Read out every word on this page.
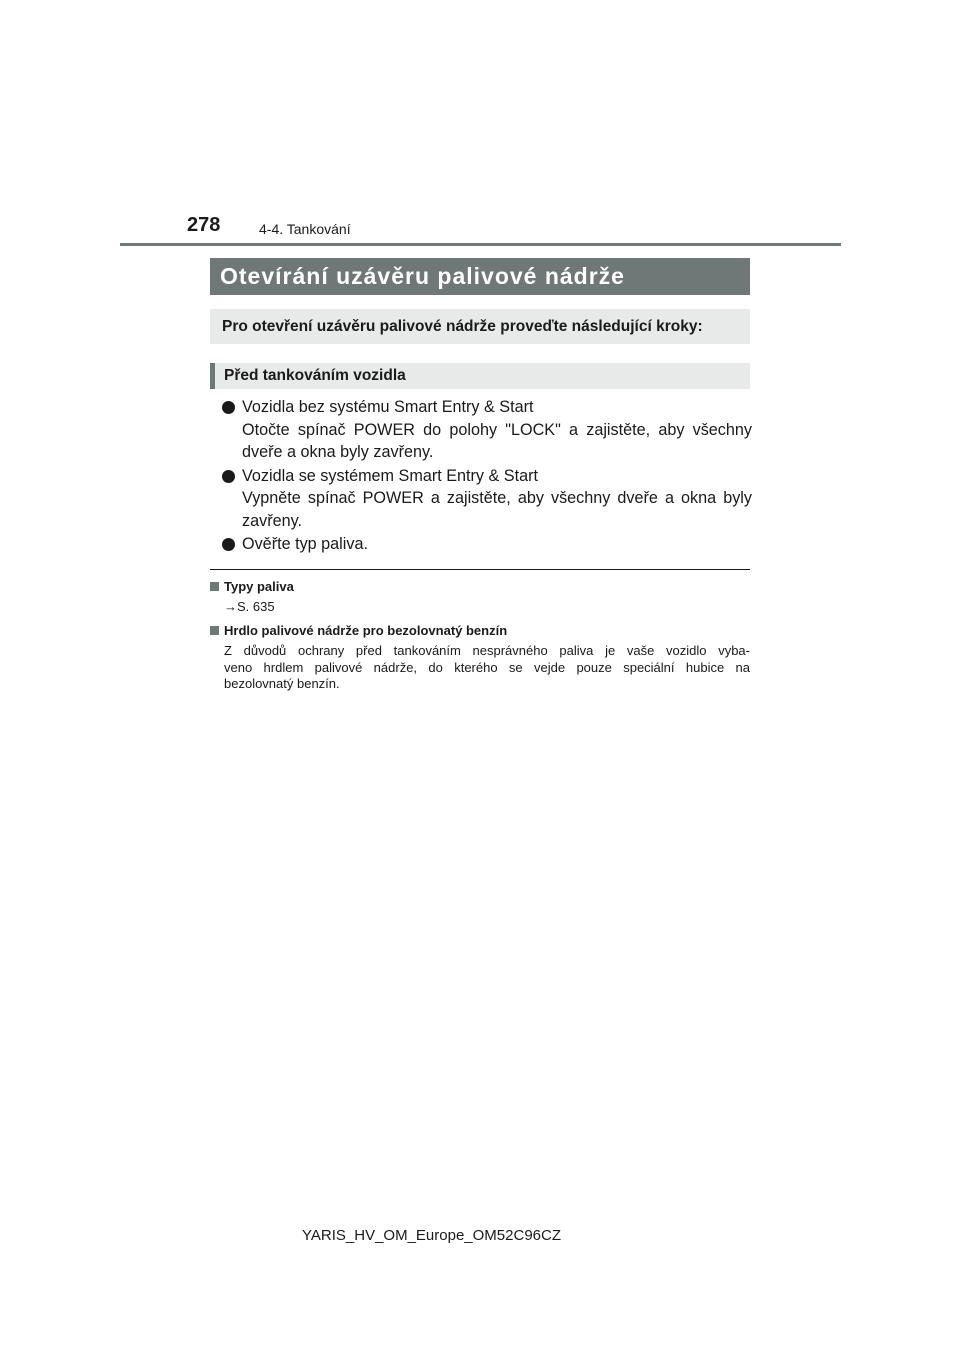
278	4-4. Tankování
Otevírání uzávěru palivové nádrže
Pro otevření uzávěru palivové nádrže proveďte následující kroky:
Před tankováním vozidla
Vozidla bez systému Smart Entry & Start
Otočte spínač POWER do polohy "LOCK" a zajistěte, aby všechny
dveře a okna byly zavřeny.
Vozidla se systémem Smart Entry & Start
Vypněte spínač POWER a zajistěte, aby všechny dveře a okna byly
zavřeny.
Ověřte typ paliva.
Typy paliva
→S. 635
Hrdlo palivové nádrže pro bezolovnatý benzín
Z důvodů ochrany před tankováním nesprávného paliva je vaše vozidlo vyba-
veno hrdlem palivové nádrže, do kterého se vejde pouze speciální hubice na
bezolovnatý benzín.
YARIS_HV_OM_Europe_OM52C96CZ
